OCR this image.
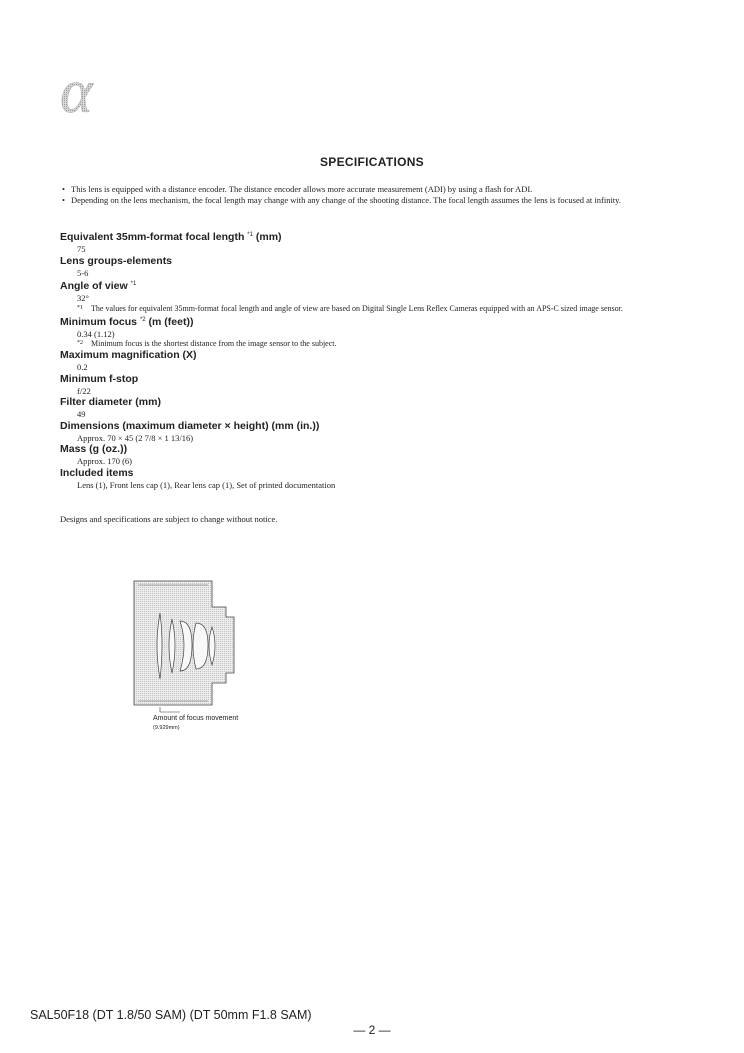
α
SPECIFICATIONS
• This lens is equipped with a distance encoder. The distance encoder allows more accurate measurement (ADI) by using a flash for ADI.
• Depending on the lens mechanism, the focal length may change with any change of the shooting distance. The focal length assumes the lens is focused at infinity.
Equivalent 35mm-format focal length $^{*1}$ (mm)
75
Lens groups-elements
5-6
Angle of view $^{*1}$
32°
*1	The values for equivalent 35mm-format focal length and angle of view are based on Digital Single Lens Reflex Cameras equipped with an APS-C sized image sensor.
Minimum focus $^{*2}$ (m (feet))
0.34 (1.12)
*2	Minimum focus is the shortest distance from the image sensor to the subject.
Maximum magnification (X)
0.2
Minimum f-stop
f/22
Filter diameter (mm)
49
Dimensions (maximum diameter × height) (mm (in.))
Approx. 70 × 45 (2 7/8 × 1 13/16)
Mass (g (oz.))
Approx. 170 (6)
Included items
Lens (1), Front lens cap (1), Rear lens cap (1), Set of printed documentation
Designs and specifications are subject to change without notice.
Amount of focus movement
(9.929mm)
SAL50F18 (DT 1.8/50 SAM) (DT 50mm F1.8 SAM)
— 2 —
